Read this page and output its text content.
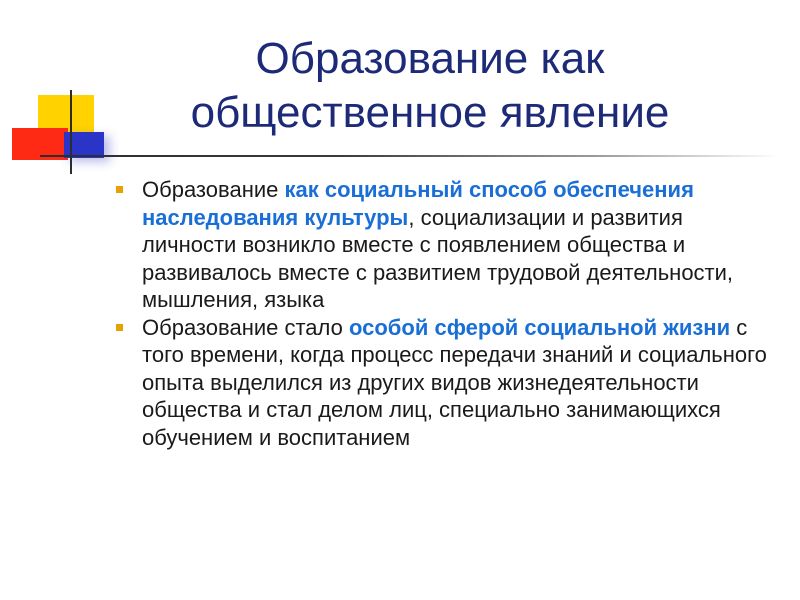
Образование как
общественное явление
Образование как социальный способ обеспечения наследования культуры, социализации и развития личности возникло вместе с появлением общества и развивалось вместе с развитием трудовой деятельности, мышления, языка
Образование стало особой сферой социальной жизни с того времени, когда процесс передачи знаний и социального опыта выделился из других видов жизнедеятельности общества и стал делом лиц, специально занимающихся обучением и воспитанием
